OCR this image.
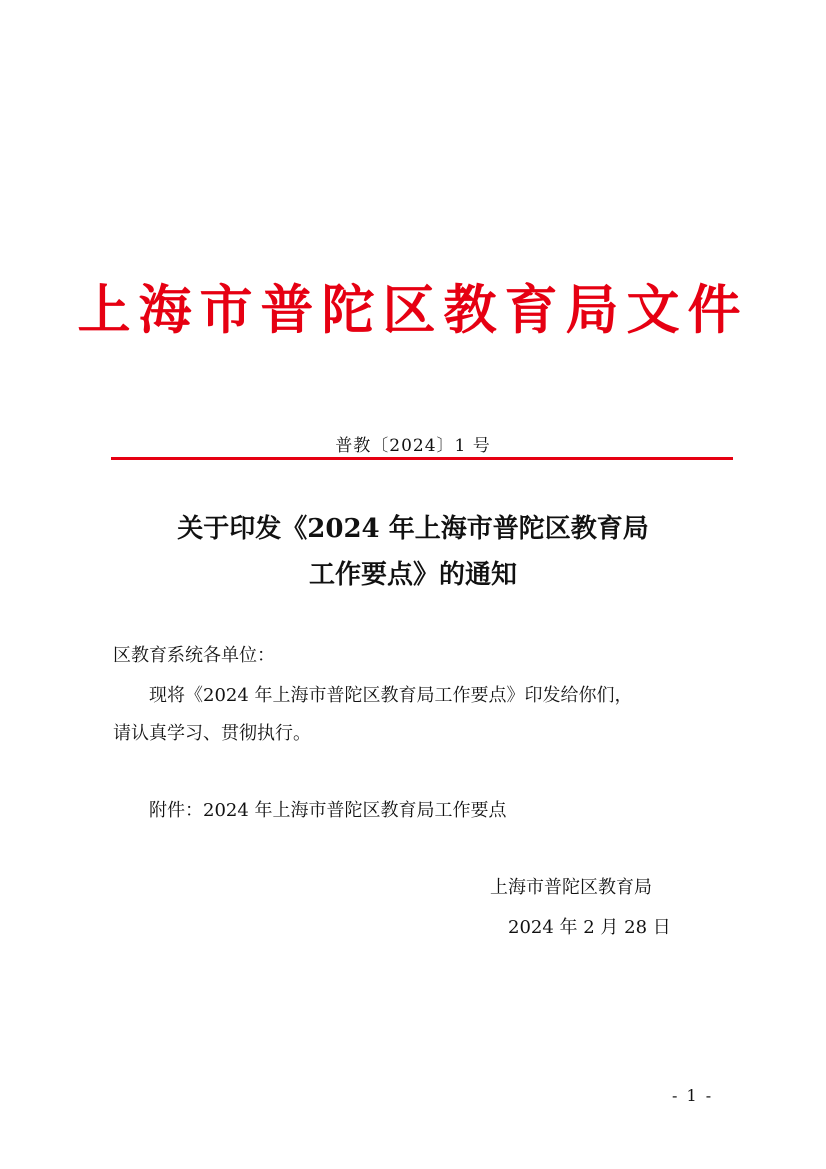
上海市普陀区教育局文件
普教〔2024〕1 号
关于印发《2024 年上海市普陀区教育局
工作要点》的通知
区教育系统各单位：
现将《2024 年上海市普陀区教育局工作要点》印发给你们，
请认真学习、贯彻执行。
附件：2024 年上海市普陀区教育局工作要点
上海市普陀区教育局
2024 年 2 月 28 日
- 1 -
